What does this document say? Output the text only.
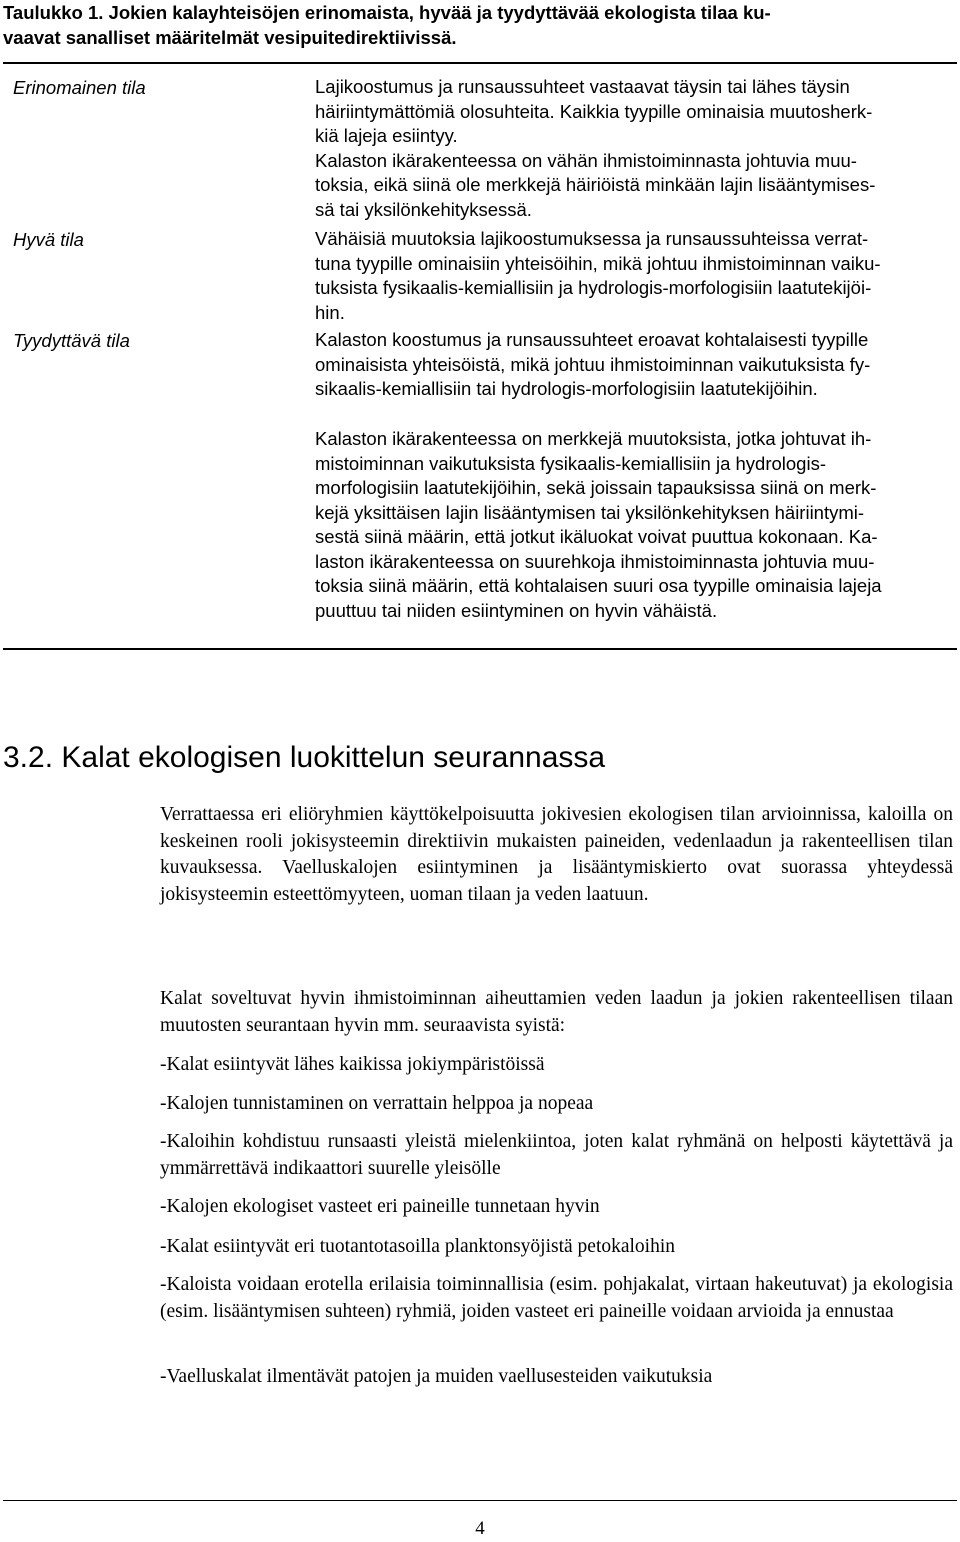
Taulukko 1. Jokien kalayhteisöjen erinomaista, hyvää ja tyydyttävää ekologista tilaa ku-
vaavat sanalliset määritelmät vesipuitedirektiivissä.
Erinomainen tila
Hyvä tila
Tyydyttävä tila

Lajikoostumus ja runsaussuhteet vastaavat täysin tai lähes täysin

häiriintymättömiä olosuhteita. Kaikkia tyypille ominaisia muutosherk-

kiä lajeja esiintyy.

Kalaston ikärakenteessa on vähän ihmistoiminnasta johtuvia muu-

toksia, eikä siinä ole merkkejä häiriöistä minkään lajin lisääntymises-

sä tai yksilönkehityksessä.

Vähäisiä muutoksia lajikoostumuksessa ja runsaussuhteissa verrat-

tuna tyypille ominaisiin yhteisöihin, mikä johtuu ihmistoiminnan vaiku-

tuksista fysikaalis-kemiallisiin ja hydrologis-morfologisiin laatutekijöi-

hin.

Kalaston koostumus ja runsaussuhteet eroavat kohtalaisesti tyypille

ominaisista yhteisöistä, mikä johtuu ihmistoiminnan vaikutuksista fy-

sikaalis-kemiallisiin tai hydrologis-morfologisiin laatutekijöihin.

Kalaston ikärakenteessa on merkkejä muutoksista, jotka johtuvat ih-

mistoiminnan vaikutuksista fysikaalis-kemiallisiin ja hydrologis-

morfologisiin laatutekijöihin, sekä joissain tapauksissa siinä on merk-

kejä yksittäisen lajin lisääntymisen tai yksilönkehityksen häiriintymi-

sestä siinä määrin, että jotkut ikäluokat voivat puuttua kokonaan. Ka-

laston ikärakenteessa on suurehkoja ihmistoiminnasta johtuvia muu-

toksia siinä määrin, että kohtalaisen suuri osa tyypille ominaisia lajeja

puuttuu tai niiden esiintyminen on hyvin vähäistä.

3.2. Kalat ekologisen luokittelun seurannassa
Verrattaessa eri eliöryhmien käyttökelpoisuutta jokivesien ekologisen tilan arvioinnissa, kaloilla on keskeinen rooli jokisysteemin direktiivin mukaisten paineiden, vedenlaadun ja rakenteellisen tilan kuvauksessa. Vaelluskalojen esiintyminen ja lisääntymiskierto ovat suorassa yhteydessä jokisysteemin esteettömyyteen, uoman tilaan ja veden laatuun.
Kalat soveltuvat hyvin ihmistoiminnan aiheuttamien veden laadun ja jokien rakenteellisen tilaan muutosten seurantaan hyvin mm. seuraavista syistä:
-Kalat esiintyvät lähes kaikissa jokiympäristöissä
-Kalojen tunnistaminen on verrattain helppoa ja nopeaa
-Kaloihin kohdistuu runsaasti yleistä mielenkiintoa, joten kalat ryhmänä on helposti käytettävä ja ymmärrettävä indikaattori suurelle yleisölle
-Kalojen ekologiset vasteet eri paineille tunnetaan hyvin
-Kalat esiintyvät eri tuotantotasoilla planktonsyöjistä petokaloihin
-Kaloista voidaan erotella erilaisia toiminnallisia (esim. pohjakalat, virtaan hakeutuvat) ja ekologisia (esim. lisääntymisen suhteen) ryhmiä, joiden vasteet eri paineille voidaan arvioida ja ennustaa
-Vaelluskalat ilmentävät patojen ja muiden vaellusesteiden vaikutuksia
4
